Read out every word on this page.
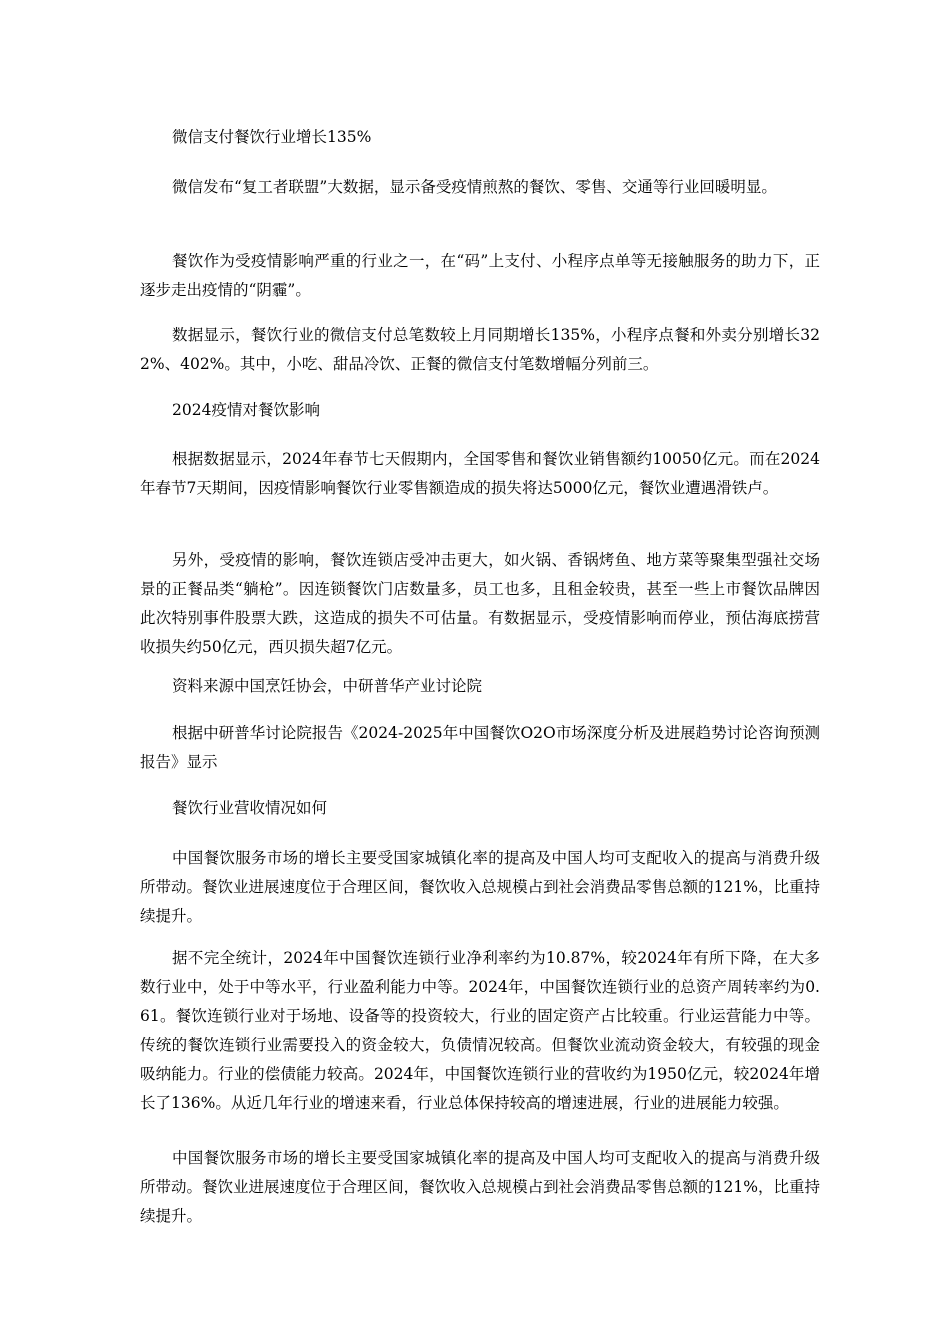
微信支付餐饮行业增长135%

微信发布“复工者联盟”大数据，显示备受疫情煎熬的餐饮、零售、交通等行业回暖明显。

餐饮作为受疫情影响严重的行业之一，在“码”上支付、小程序点单等无接触服务的助力下，正逐步走出疫情的“阴霾”。

数据显示，餐饮行业的微信支付总笔数较上月同期增长135%，小程序点餐和外卖分别增长322%、402%。其中，小吃、甜品冷饮、正餐的微信支付笔数增幅分列前三。

2024疫情对餐饮影响

根据数据显示，2024年春节七天假期内，全国零售和餐饮业销售额约10050亿元。而在2024年春节7天期间，因疫情影响餐饮行业零售额造成的损失将达5000亿元，餐饮业遭遇滑铁卢。

另外，受疫情的影响，餐饮连锁店受冲击更大，如火锅、香锅烤鱼、地方菜等聚集型强社交场景的正餐品类“躺枪”。因连锁餐饮门店数量多，员工也多，且租金较贵，甚至一些上市餐饮品牌因此次特别事件股票大跌，这造成的损失不可估量。有数据显示，受疫情影响而停业，预估海底捞营收损失约50亿元，西贝损失超7亿元。

资料来源中国烹饪协会，中研普华产业讨论院

根据中研普华讨论院报告《2024-2025年中国餐饮O2O市场深度分析及进展趋势讨论咨询预测报告》显示

餐饮行业营收情况如何

中国餐饮服务市场的增长主要受国家城镇化率的提高及中国人均可支配收入的提高与消费升级所带动。餐饮业进展速度位于合理区间，餐饮收入总规模占到社会消费品零售总额的121%，比重持续提升。

据不完全统计，2024年中国餐饮连锁行业净利率约为10.87%，较2024年有所下降，在大多数行业中，处于中等水平，行业盈利能力中等。2024年，中国餐饮连锁行业的总资产周转率约为0.61。餐饮连锁行业对于场地、设备等的投资较大，行业的固定资产占比较重。行业运营能力中等。传统的餐饮连锁行业需要投入的资金较大，负债情况较高。但餐饮业流动资金较大，有较强的现金吸纳能力。行业的偿债能力较高。2024年，中国餐饮连锁行业的营收约为1950亿元，较2024年增长了136%。从近几年行业的增速来看，行业总体保持较高的增速进展，行业的进展能力较强。

中国餐饮服务市场的增长主要受国家城镇化率的提高及中国人均可支配收入的提高与消费升级所带动。餐饮业进展速度位于合理区间，餐饮收入总规模占到社会消费品零售总额的121%，比重持续提升。
